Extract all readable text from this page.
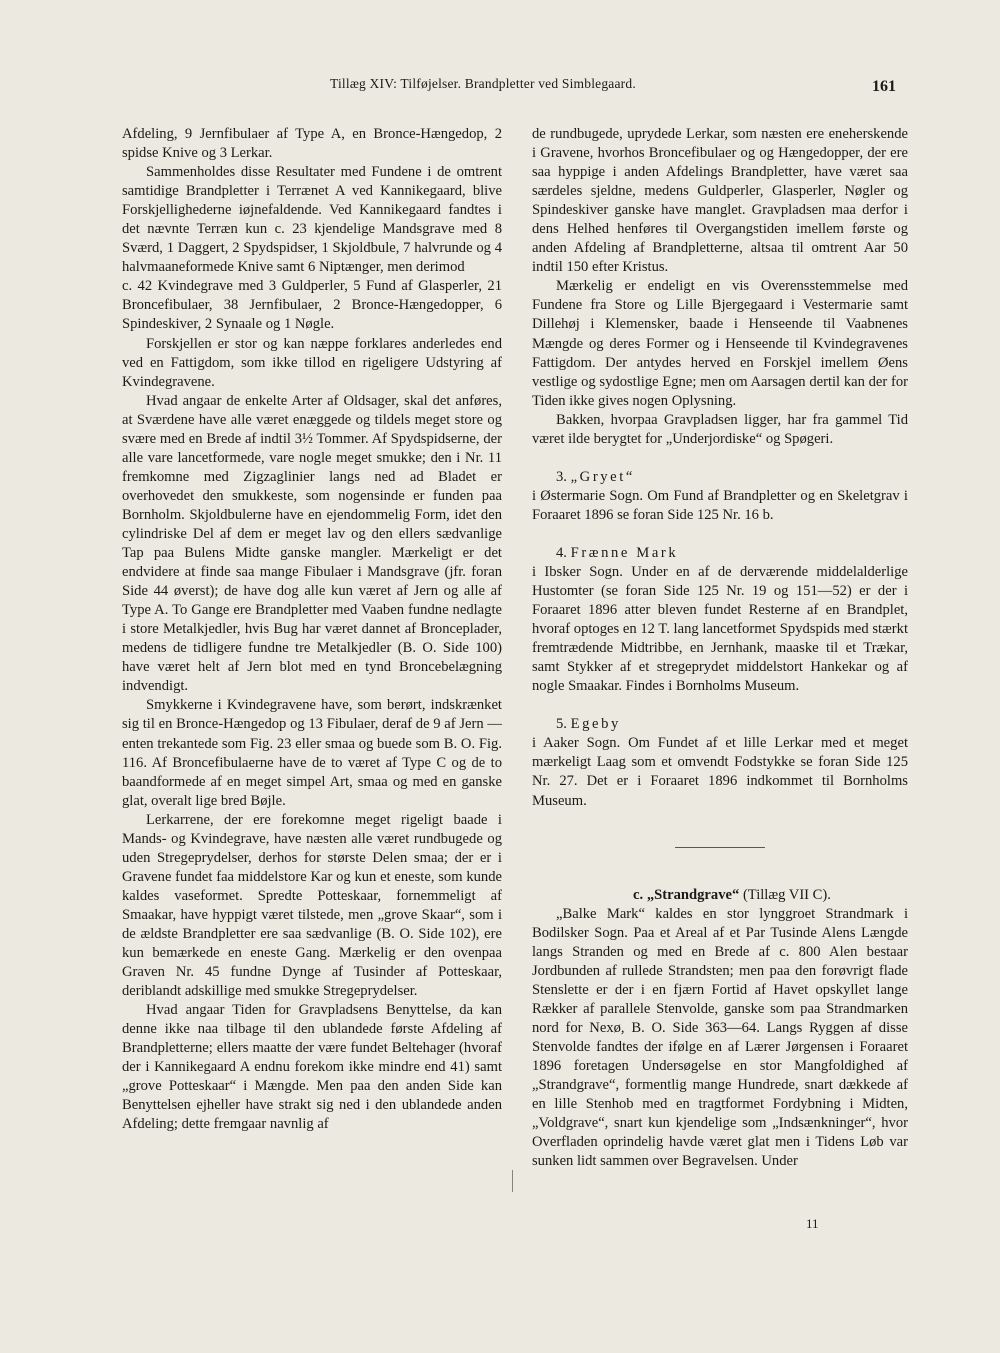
Tillæg XIV: Tilføjelser. Brandpletter ved Simblegaard.	161

Afdeling, 9 Jernfibulaer af Type A, en Bronce-Hængedop, 2 spidse Knive og 3 Lerkar.

Sammenholdes disse Resultater med Fundene i de omtrent samtidige Brandpletter i Terrænet A ved Kannikegaard, blive Forskjellighederne iøjnefaldende. Ved Kannikegaard fandtes i det nævnte Terræn kun c. 23 kjendelige Mandsgrave med 8 Sværd, 1 Daggert, 2 Spydspidser, 1 Skjoldbule, 7 halvrunde og 4 halvmaaneformede Knive samt 6 Niptænger, men derimod

c. 42 Kvindegrave med 3 Guldperler, 5 Fund af Glasperler, 21 Broncefibulaer, 38 Jernfibulaer, 2 Bronce-Hængedopper, 6 Spindeskiver, 2 Synaale og 1 Nøgle.

Forskjellen er stor og kan næppe forklares anderledes end ved en Fattigdom, som ikke tillod en rigeligere Udstyring af Kvindegravene.

Hvad angaar de enkelte Arter af Oldsager, skal det anføres, at Sværdene have alle været enæggede og tildels meget store og svære med en Brede af indtil 3½ Tommer. Af Spydspidserne, der alle vare lancetformede, vare nogle meget smukke; den i Nr. 11 fremkomne med Zigzaglinier langs ned ad Bladet er overhovedet den smukkeste, som nogensinde er funden paa Bornholm. Skjoldbulerne have en ejendommelig Form, idet den cylindriske Del af dem er meget lav og den ellers sædvanlige Tap paa Bulens Midte ganske mangler. Mærkeligt er det endvidere at finde saa mange Fibulaer i Mandsgrave (jfr. foran Side 44 øverst); de have dog alle kun været af Jern og alle af Type A. To Gange ere Brandpletter med Vaaben fundne nedlagte i store Metalkjedler, hvis Bug har været dannet af Bronceplader, medens de tidligere fundne tre Metalkjedler (B. O. Side 100) have været helt af Jern blot med en tynd Broncebelægning indvendigt.

Smykkerne i Kvindegravene have, som berørt, indskrænket sig til en Bronce-Hængedop og 13 Fibulaer, deraf de 9 af Jern — enten trekantede som Fig. 23 eller smaa og buede som B. O. Fig. 116. Af Broncefibulaerne have de to været af Type C og de to baandformede af en meget simpel Art, smaa og med en ganske glat, overalt lige bred Bøjle.

Lerkarrene, der ere forekomne meget rigeligt baade i Mands- og Kvindegrave, have næsten alle været rundbugede og uden Stregeprydelser, derhos for største Delen smaa; der er i Gravene fundet faa middelstore Kar og kun et eneste, som kunde kaldes vaseformet. Spredte Potteskaar, fornemmeligt af Smaakar, have hyppigt været tilstede, men „grove Skaar“, som i de ældste Brandpletter ere saa sædvanlige (B. O. Side 102), ere kun bemærkede en eneste Gang. Mærkelig er den ovenpaa Graven Nr. 45 fundne Dynge af Tusinder af Potteskaar, deriblandt adskillige med smukke Stregeprydelser.

Hvad angaar Tiden for Gravpladsens Benyttelse, da kan denne ikke naa tilbage til den ublandede første Afdeling af Brandpletterne; ellers maatte der være fundet Beltehager (hvoraf der i Kannikegaard A endnu forekom ikke mindre end 41) samt „grove Potteskaar“ i Mængde. Men paa den anden Side kan Benyttelsen ejheller have strakt sig ned i den ublandede anden Afdeling; dette fremgaar navnlig af

de rundbugede, uprydede Lerkar, som næsten ere eneherskende i Gravene, hvorhos Broncefibulaer og og Hængedopper, der ere saa hyppige i anden Afdelings Brandpletter, have været saa særdeles sjeldne, medens Guldperler, Glasperler, Nøgler og Spindeskiver ganske have manglet. Gravpladsen maa derfor i dens Helhed henføres til Overgangstiden imellem første og anden Afdeling af Brandpletterne, altsaa til omtrent Aar 50 indtil 150 efter Kristus.

Mærkelig er endeligt en vis Overensstemmelse med Fundene fra Store og Lille Bjergegaard i Vestermarie samt Dillehøj i Klemensker, baade i Henseende til Vaabnenes Mængde og deres Former og i Henseende til Kvindegravenes Fattigdom. Der antydes herved en Forskjel imellem Øens vestlige og sydostlige Egne; men om Aarsagen dertil kan der for Tiden ikke gives nogen Oplysning.

Bakken, hvorpaa Gravpladsen ligger, har fra gammel Tid været ilde berygtet for „Underjordiske“ og Spøgeri.

3. „Gryet“

i Østermarie Sogn. Om Fund af Brandpletter og en Skeletgrav i Foraaret 1896 se foran Side 125 Nr. 16 b.

4. Frænne Mark

i Ibsker Sogn. Under en af de derværende middelalderlige Hustomter (se foran Side 125 Nr. 19 og 151—52) er der i Foraaret 1896 atter bleven fundet Resterne af en Brandplet, hvoraf optoges en 12 T. lang lancetformet Spydspids med stærkt fremtrædende Midtribbe, en Jernhank, maaske til et Trækar, samt Stykker af et stregeprydet middelstort Hankekar og af nogle Smaakar. Findes i Bornholms Museum.

5. Egeby

i Aaker Sogn. Om Fundet af et lille Lerkar med et meget mærkeligt Laag som et omvendt Fodstykke se foran Side 125 Nr. 27. Det er i Foraaret 1896 indkommet til Bornholms Museum.

c. „Strandgrave“ (Tillæg VII C).

„Balke Mark“ kaldes en stor lynggroet Strandmark i Bodilsker Sogn. Paa et Areal af et Par Tusinde Alens Længde langs Stranden og med en Brede af c. 800 Alen bestaar Jordbunden af rullede Strandsten; men paa den forøvrigt flade Stenslette er der i en fjærn Fortid af Havet opskyllet lange Rækker af parallele Stenvolde, ganske som paa Strandmarken nord for Nexø, B. O. Side 363—64. Langs Ryggen af disse Stenvolde fandtes der ifølge en af Lærer Jørgensen i Foraaret 1896 foretagen Undersøgelse en stor Mangfoldighed af „Strandgrave“, formentlig mange Hundrede, snart dækkede af en lille Stenhob med en tragtformet Fordybning i Midten, „Voldgrave“, snart kun kjendelige som „Indsænkninger“, hvor Overfladen oprindelig havde været glat men i Tidens Løb var sunken lidt sammen over Begravelsen. Under

11
